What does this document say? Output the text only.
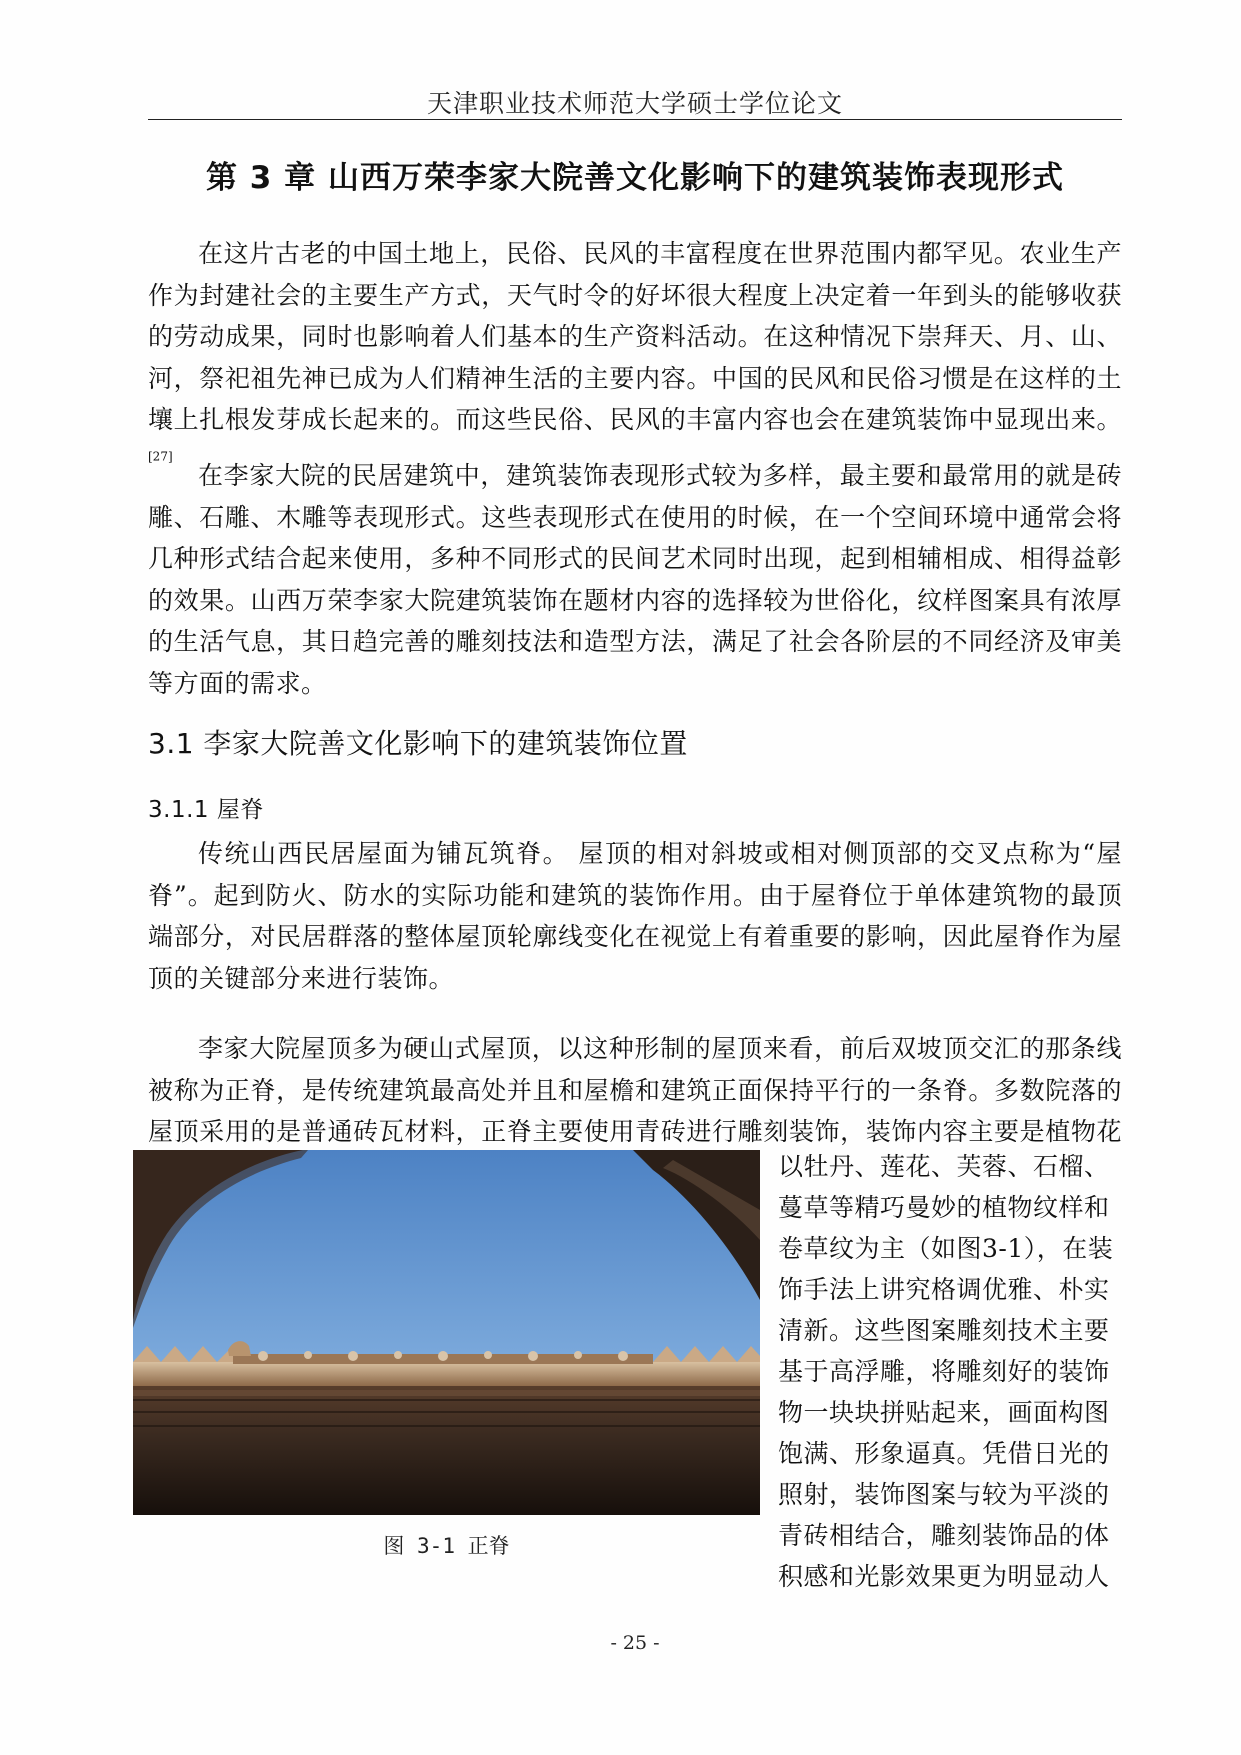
天津职业技术师范大学硕士学位论文
第 3 章 山西万荣李家大院善文化影响下的建筑装饰表现形式

在这片古老的中国土地上，民俗、民风的丰富程度在世界范围内都罕见。农业生产作为封建社会的主要生产方式，天气时令的好坏很大程度上决定着一年到头的能够收获的劳动成果，同时也影响着人们基本的生产资料活动。在这种情况下崇拜天、月、山、河，祭祀祖先神已成为人们精神生活的主要内容。中国的民风和民俗习惯是在这样的土壤上扎根发芽成长起来的。而这些民俗、民风的丰富内容也会在建筑装饰中显现出来。[27]

在李家大院的民居建筑中，建筑装饰表现形式较为多样，最主要和最常用的就是砖雕、石雕、木雕等表现形式。这些表现形式在使用的时候，在一个空间环境中通常会将几种形式结合起来使用，多种不同形式的民间艺术同时出现，起到相辅相成、相得益彰的效果。山西万荣李家大院建筑装饰在题材内容的选择较为世俗化，纹样图案具有浓厚的生活气息，其日趋完善的雕刻技法和造型方法，满足了社会各阶层的不同经济及审美等方面的需求。

3.1 李家大院善文化影响下的建筑装饰位置
3.1.1 屋脊

传统山西民居屋面为铺瓦筑脊。 屋顶的相对斜坡或相对侧顶部的交叉点称为“屋脊”。起到防火、防水的实际功能和建筑的装饰作用。由于屋脊位于单体建筑物的最顶端部分，对民居群落的整体屋顶轮廓线变化在视觉上有着重要的影响，因此屋脊作为屋顶的关键部分来进行装饰。

李家大院屋顶多为硬山式屋顶，以这种形制的屋顶来看，前后双坡顶交汇的那条线被称为正脊，是传统建筑最高处并且和屋檐和建筑正面保持平行的一条脊。多数院落的屋顶采用的是普通砖瓦材料，正脊主要使用青砖进行雕刻装饰，装饰内容主要是植物花

图 3-1 正脊
以牡丹、莲花、芙蓉、石榴、
蔓草等精巧曼妙的植物纹样和
卷草纹为主（如图3-1），在装
饰手法上讲究格调优雅、朴实
清新。这些图案雕刻技术主要
基于高浮雕，将雕刻好的装饰
物一块块拼贴起来，画面构图
饱满、形象逼真。凭借日光的
照射，装饰图案与较为平淡的
青砖相结合，雕刻装饰品的体
积感和光影效果更为明显动人
- 25 -
